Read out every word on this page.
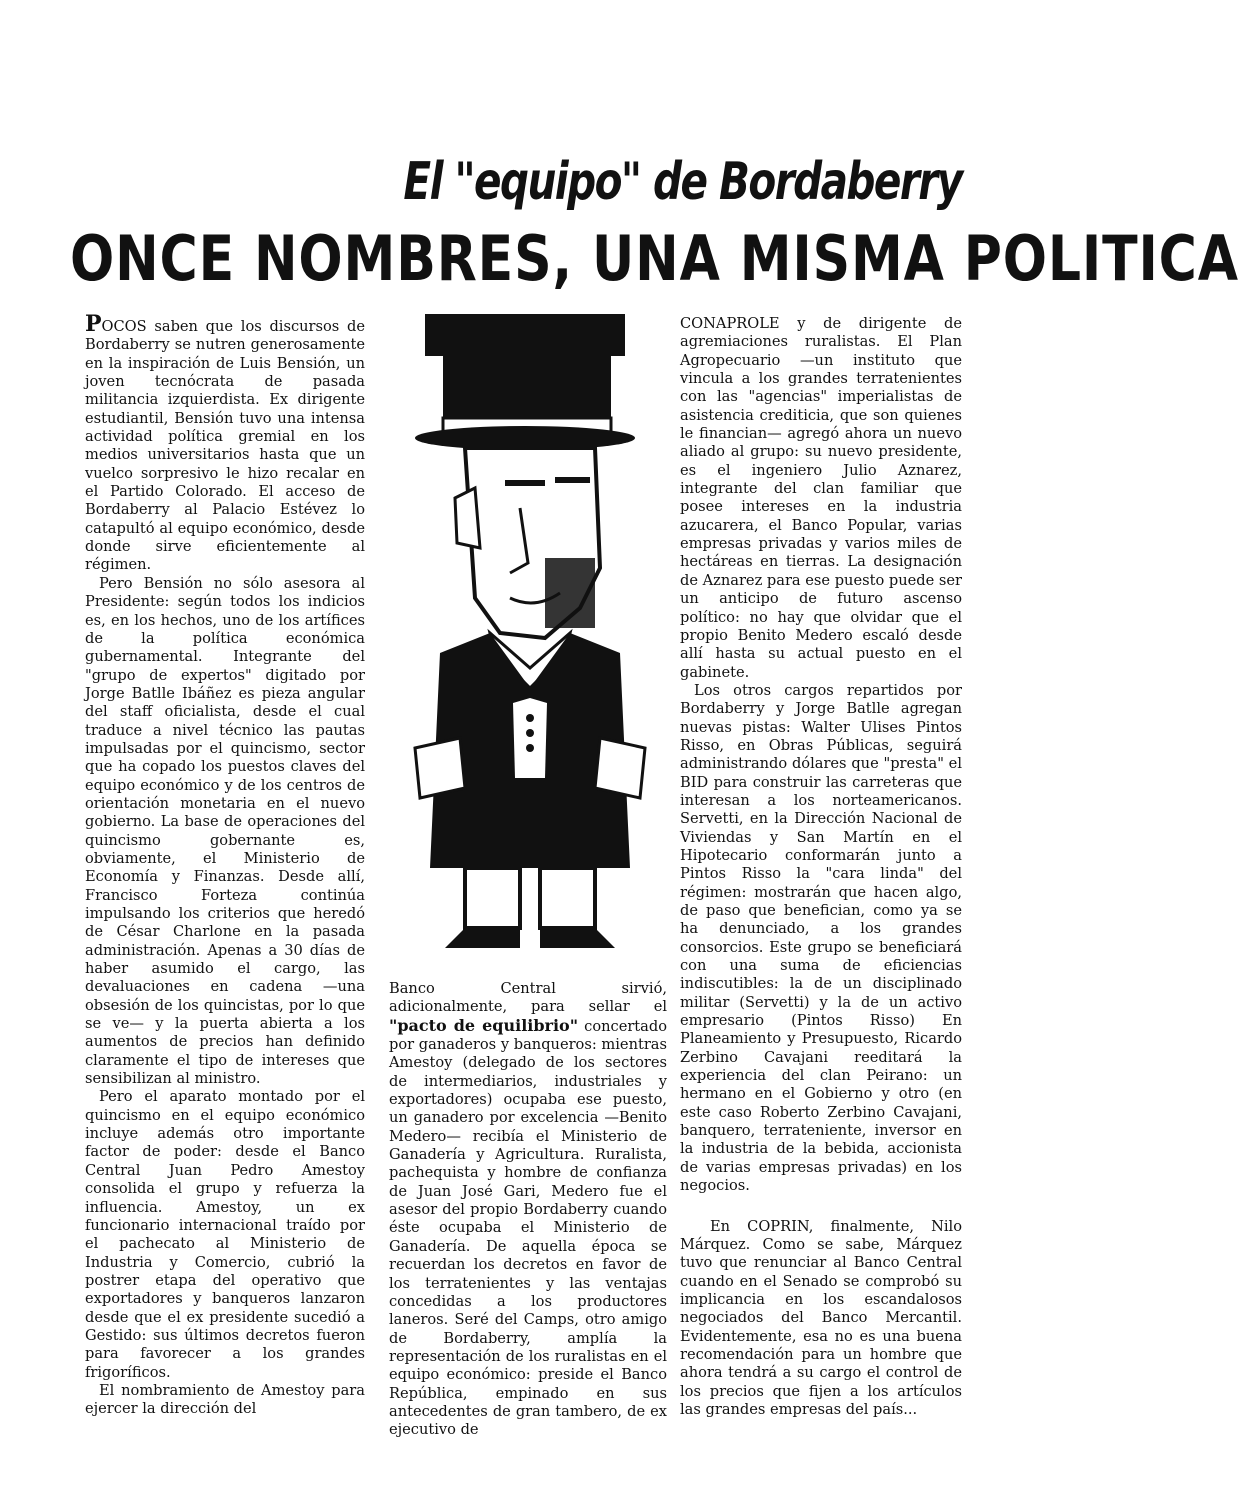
El "equipo" de Bordaberry
ONCE NOMBRES, UNA MISMA POLITICA

POCOS saben que los discursos de Bordaberry se nutren generosamente en la inspiración de Luis Bensión, un joven tecnócrata de pasada militancia izquierdista. Ex dirigente estudiantil, Bensión tuvo una intensa actividad política gremial en los medios universitarios hasta que un vuelco sorpresivo le hizo recalar en el Partido Colorado. El acceso de Bordaberry al Palacio Estévez lo catapultó al equipo económico, desde donde sirve eficientemente al régimen.

Pero Bensión no sólo asesora al Presidente: según todos los indicios es, en los hechos, uno de los artífices de la política económica gubernamental. Integrante del "grupo de expertos" digitado por Jorge Batlle Ibáñez es pieza angular del staff oficialista, desde el cual traduce a nivel técnico las pautas impulsadas por el quincismo, sector que ha copado los puestos claves del equipo económico y de los centros de orientación monetaria en el nuevo gobierno. La base de operaciones del quincismo gobernante es, obviamente, el Ministerio de Economía y Finanzas. Desde allí, Francisco Forteza continúa impulsando los criterios que heredó de César Charlone en la pasada administración. Apenas a 30 días de haber asumido el cargo, las devaluaciones en cadena —una obsesión de los quincistas, por lo que se ve— y la puerta abierta a los aumentos de precios han definido claramente el tipo de intereses que sensibilizan al ministro.

Pero el aparato montado por el quincismo en el equipo económico incluye además otro importante factor de poder: desde el Banco Central Juan Pedro Amestoy consolida el grupo y refuerza la influencia. Amestoy, un ex funcionario internacional traído por el pachecato al Ministerio de Industria y Comercio, cubrió la postrer etapa del operativo que exportadores y banqueros lanzaron desde que el ex presidente sucedió a Gestido: sus últimos decretos fueron para favorecer a los grandes frigoríficos.

El nombramiento de Amestoy para ejercer la dirección del

Banco Central sirvió, adicionalmente, para sellar el "pacto de equilibrio" concertado por ganaderos y banqueros: mientras Amestoy (delegado de los sectores de intermediarios, industriales y exportadores) ocupaba ese puesto, un ganadero por excelencia —Benito Medero— recibía el Ministerio de Ganadería y Agricultura. Ruralista, pachequista y hombre de confianza de Juan José Gari, Medero fue el asesor del propio Bordaberry cuando éste ocupaba el Ministerio de Ganadería. De aquella época se recuerdan los decretos en favor de los terratenientes y las ventajas concedidas a los productores laneros. Seré del Camps, otro amigo de Bordaberry, amplía la representación de los ruralistas en el equipo económico: preside el Banco República, empinado en sus antecedentes de gran tambero, de ex ejecutivo de

CONAPROLE y de dirigente de agremiaciones ruralistas. El Plan Agropecuario —un instituto que vincula a los grandes terratenientes con las "agencias" imperialistas de asistencia crediticia, que son quienes le financian— agregó ahora un nuevo aliado al grupo: su nuevo presidente, es el ingeniero Julio Aznarez, integrante del clan familiar que posee intereses en la industria azucarera, el Banco Popular, varias empresas privadas y varios miles de hectáreas en tierras. La designación de Aznarez para ese puesto puede ser un anticipo de futuro ascenso político: no hay que olvidar que el propio Benito Medero escaló desde allí hasta su actual puesto en el gabinete.

Los otros cargos repartidos por Bordaberry y Jorge Batlle agregan nuevas pistas: Walter Ulises Pintos Risso, en Obras Públicas, seguirá administrando dólares que "presta" el BID para construir las carreteras que interesan a los norteamericanos. Servetti, en la Dirección Nacional de Viviendas y San Martín en el Hipotecario conformarán junto a Pintos Risso la "cara linda" del régimen: mostrarán que hacen algo, de paso que benefician, como ya se ha denunciado, a los grandes consorcios. Este grupo se beneficiará con una suma de eficiencias indiscutibles: la de un disciplinado militar (Servetti) y la de un activo empresario (Pintos Risso) En Planeamiento y Presupuesto, Ricardo Zerbino Cavajani reeditará la experiencia del clan Peirano: un hermano en el Gobierno y otro (en este caso Roberto Zerbino Cavajani, banquero, terrateniente, inversor en la industria de la bebida, accionista de varias empresas privadas) en los negocios.

En COPRIN, finalmente, Nilo Márquez. Como se sabe, Márquez tuvo que renunciar al Banco Central cuando en el Senado se comprobó su implicancia en los escandalosos negociados del Banco Mercantil. Evidentemente, esa no es una buena recomendación para un hombre que ahora tendrá a su cargo el control de los precios que fijen a los artículos las grandes empresas del país...
